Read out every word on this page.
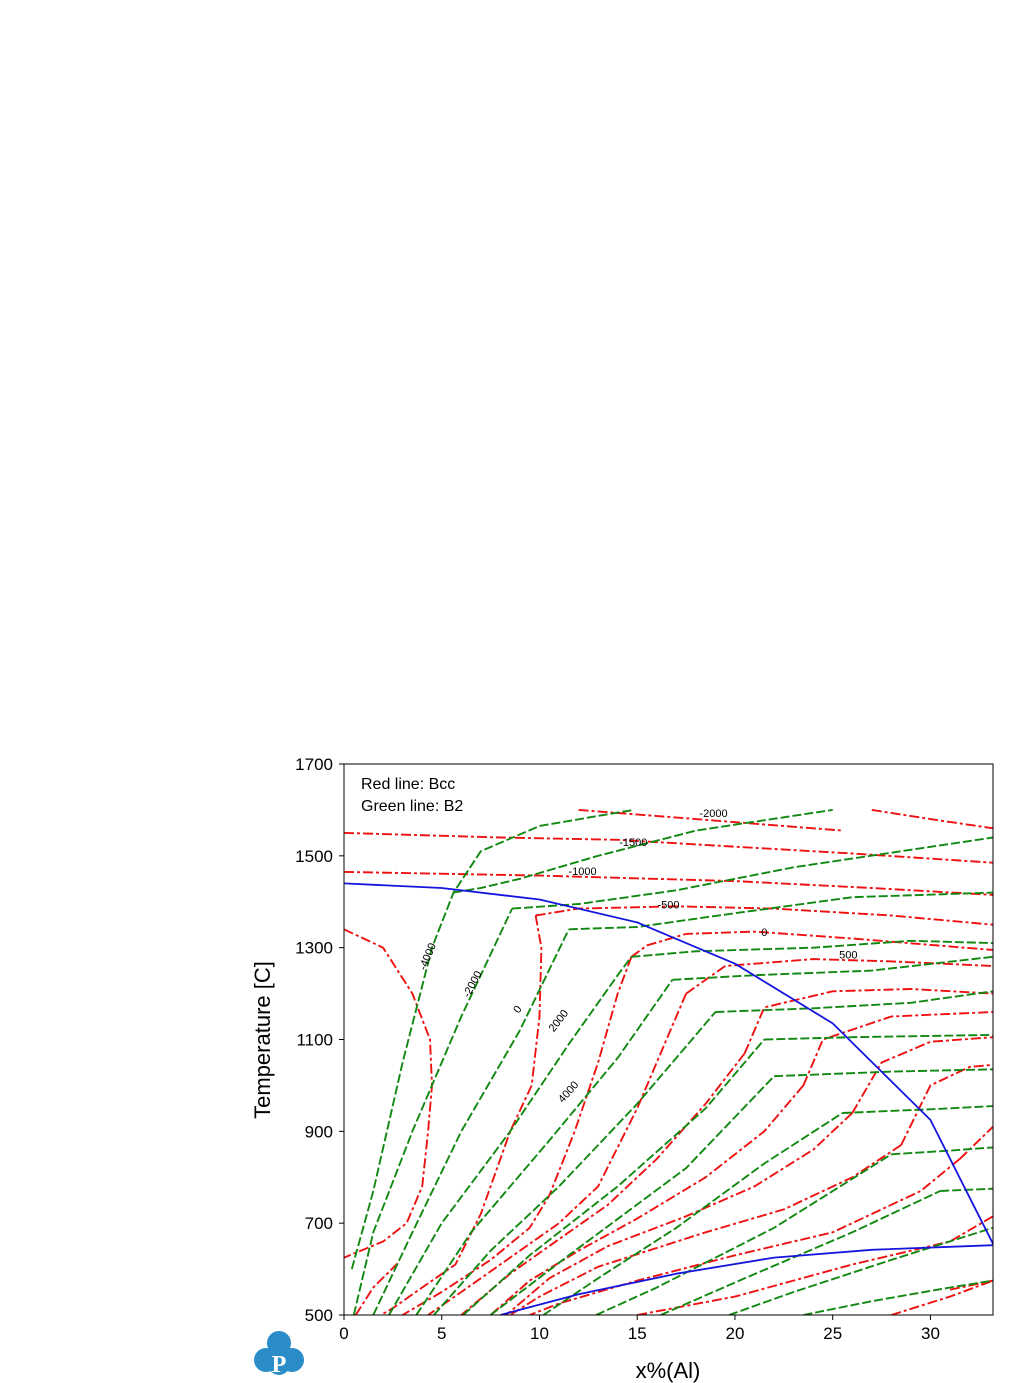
-2000
-1500
-1000
-500
0
500
-4000
-2000
0 2000
4000
0	5	10	15	20	25	30
500
700
900
1100
1300
1500
1700
Red line: Bcc
Green line: B2
x%(Al)
Temperature [C]
P
